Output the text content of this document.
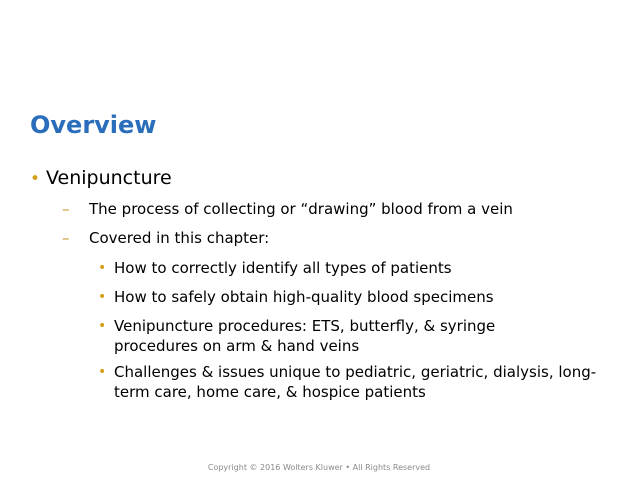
Overview
• Venipuncture
– The process of collecting or “drawing” blood from a vein
– Covered in this chapter:
• How to correctly identify all types of patients
• How to safely obtain high-quality blood specimens
• Venipuncture procedures: ETS, butterfly, & syringe procedures on arm & hand veins
• Challenges & issues unique to pediatric, geriatric, dialysis, long-term care, home care, & hospice patients
Copyright © 2016 Wolters Kluwer • All Rights Reserved
